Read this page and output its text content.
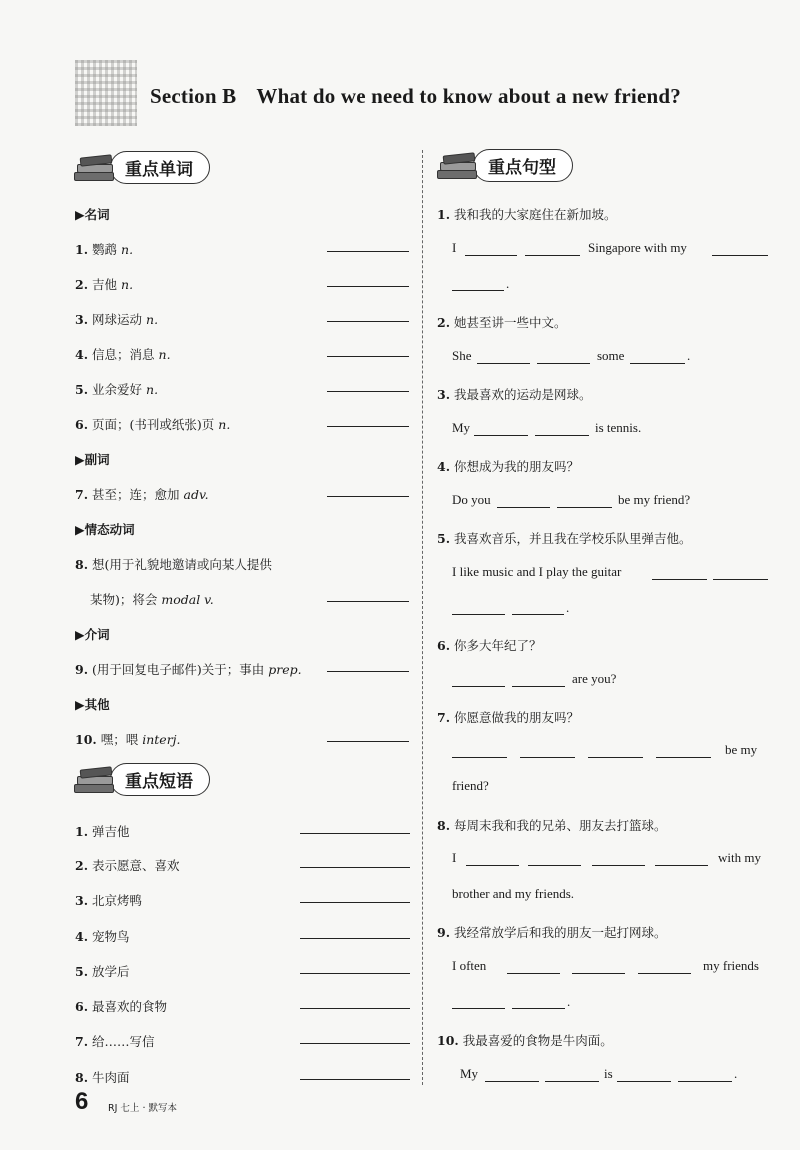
Section B What do we need to know about a new friend?
重点单词
▶名词
1. 鹦鹉 n.
2. 吉他 n.
3. 网球运动 n.
4. 信息；消息 n.
5. 业余爱好 n.
6. 页面；(书刊或纸张)页 n.
▶副词
7. 甚至；连；愈加 adv.
▶情态动词
8. 想(用于礼貌地邀请或向某人提供
某物)；将会 modal v.
▶介词
9. (用于回复电子邮件)关于；事由 prep.
▶其他
10. 嘿；喂 interj.
重点短语
1. 弹吉他
2. 表示愿意、喜欢
3. 北京烤鸭
4. 宠物鸟
5. 放学后
6. 最喜欢的食物
7. 给……写信
8. 牛肉面
重点句型
1. 我和我的大家庭住在新加坡。
I	Singapore with my
.
2. 她甚至讲一些中文。
She	some	.
3. 我最喜欢的运动是网球。
My	is tennis.
4. 你想成为我的朋友吗？
Do you	be my friend?
5. 我喜欢音乐，并且我在学校乐队里弹吉他。
I like music and I play the guitar
.
6. 你多大年纪了？
are you?
7. 你愿意做我的朋友吗？
be my
friend?
8. 每周末我和我的兄弟、朋友去打篮球。
I	with my
brother and my friends.
9. 我经常放学后和我的朋友一起打网球。
I often	my friends
.
10. 我最喜爱的食物是牛肉面。
My	is	.
6 RJ 七上 · 默写本
